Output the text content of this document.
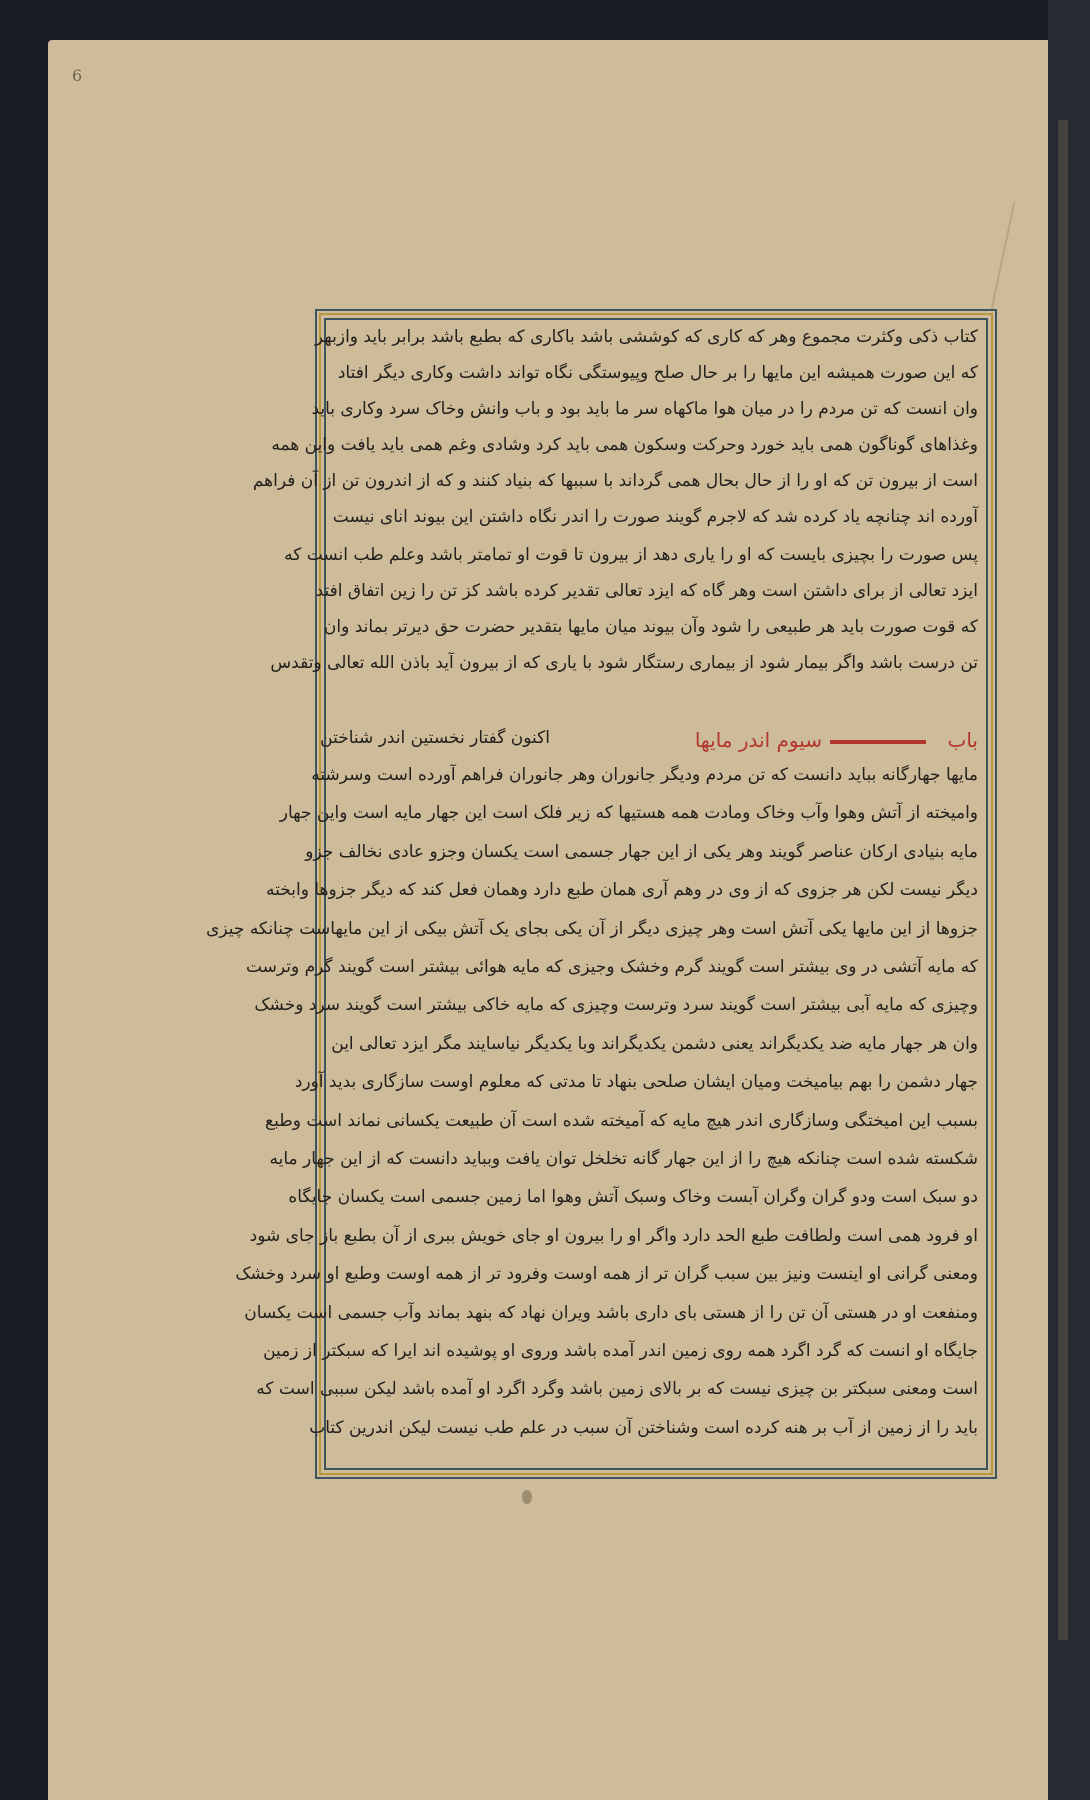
6
باب
سیوم اندر مایها
اکنون گفتار نخستین اندر شناختن
کتاب ذکی وکثرت مجموع وهر که کاری که کوششی باشد باکاری که بطبع باشد برابر باید وازبهر
که این صورت همیشه این مایها را بر حال صلح وپیوستگی نگاه تواند داشت وکاری دیگر افتاد
وان انست که تن مردم را در میان هوا ماکهاه سر ما باید بود و باب وانش وخاک سرد وکاری باید
وغذاهای گوناگون همی باید خورد وحرکت وسکون همی باید کرد وشادی وغم همی باید یافت واین همه
است از بیرون تن که او را از حال بحال همی گرداند با سببها که بنیاد کنند و که از اندرون تن از آن فراهم
آورده اند چنانچه یاد کرده شد که لاجرم گویند صورت را اندر نگاه داشتن این بیوند انای نیست
پس صورت را بچیزی بایست که او را یاری دهد از بیرون تا قوت او تمامتر باشد وعلم طب انست که
ایزد تعالی از برای داشتن است وهر گاه که ایزد تعالی تقدیر کرده باشد کز تن را زین اتفاق افتد
که قوت صورت باید هر طبیعی را شود وآن بیوند میان مایها بتقدیر حضرت حق دیرتر بماند وان
تن درست باشد واگر بیمار شود از بیماری رستگار شود با یاری که از بیرون آید باذن الله تعالی وتقدس
مایها جهارگانه بباید دانست که تن مردم ودیگر جانوران وهر جانوران فراهم آورده است وسرشته
وامیخته از آتش وهوا وآب وخاک ومادت همه هستیها که زیر فلک است این جهار مایه است واین جهار
مایه بنیادی ارکان عناصر گویند وهر یکی از این جهار جسمی است یکسان وجزو عادی نخالف جزو
دیگر نیست لکن هر جزوی که از وی در وهم آری همان طبع دارد وهمان فعل کند که دیگر جزوها وابخته
جزوها از این مایها یکی آتش است وهر چیزی دیگر از آن یکی بجای یک آتش بیکی از این مایهاست چنانکه چیزی
که مایه آتشی در وی بیشتر است گویند گرم وخشک وجیزی که مایه هوائی بیشتر است گویند گرم وترست
وچیزی که مایه آبی بیشتر است گویند سرد وترست وچیزی که مایه خاکی بیشتر است گویند سرد وخشک
وان هر جهار مایه ضد یکدیگراند یعنی دشمن یکدیگراند وبا یکدیگر نیاسایند مگر ایزد تعالی این
جهار دشمن را بهم بیامیخت ومیان ایشان صلحی بنهاد تا مدتی که معلوم اوست سازگاری بدید آورد
بسبب این امیختگی وسازگاری اندر هیچ مایه که آمیخته شده است آن طبیعت یکسانی نماند است وطبع
شکسته شده است چنانکه هیچ را از این جهار گانه تخلخل توان یافت وبباید دانست که از این جهار مایه
دو سبک است ودو گران وگران آبست وخاک وسبک آتش وهوا اما زمین جسمی است یکسان جایگاه
او فرود همی است ولطافت طبع الحد دارد واگر او را بیرون او جای خویش ببری از آن بطبع باز جای شود
ومعنی گرانی او اینست ونیز بین سبب گران تر از همه اوست وفرود تر از همه اوست وطبع او سرد وخشک
ومنفعت او در هستی آن تن را از هستی بای داری باشد ویران نهاد که بنهد بماند وآب جسمی است یکسان
جایگاه او انست که گرد اگرد همه روی زمین اندر آمده باشد وروی او پوشیده اند ایرا که سبکتر از زمین
است ومعنی سبکتر بن چیزی نیست که بر بالای زمین باشد وگرد اگرد او آمده باشد لیکن سببی است که
باید را از زمین از آب بر هنه کرده است وشناختن آن سبب در علم طب نیست لیکن اندرین کتاب
